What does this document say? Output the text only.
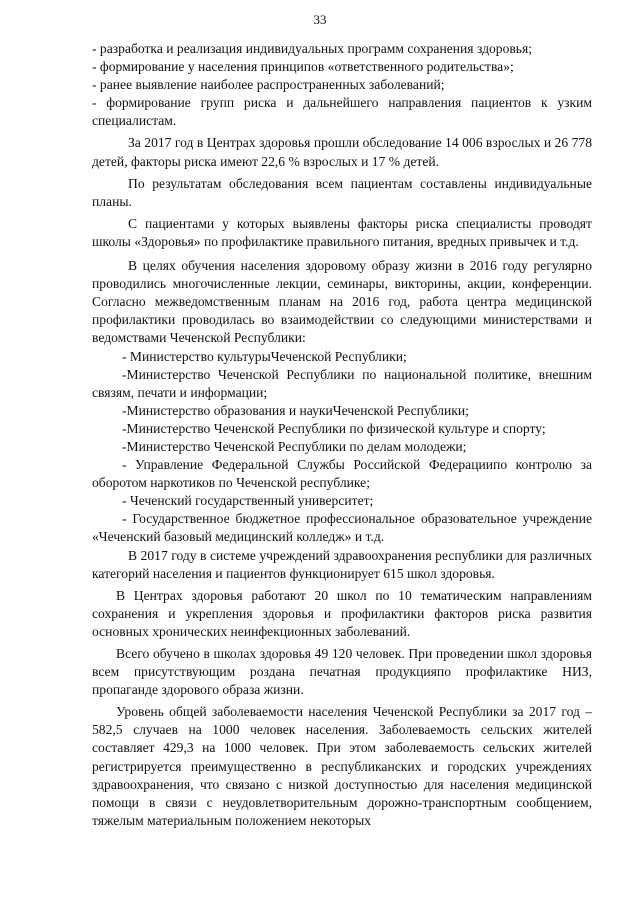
33

- разработка и реализация индивидуальных программ сохранения здоровья;

- формирование у населения принципов «ответственного родительства»;

- ранее выявление наиболее распространенных заболеваний;

- формирование групп риска и дальнейшего направления пациентов к узким специалистам.

За 2017 год в Центрах здоровья прошли обследование 14 006 взрослых и 26 778 детей, факторы риска имеют 22,6 % взрослых и 17 % детей.

По результатам обследования всем пациентам составлены индивидуальные планы.

С пациентами у которых выявлены факторы риска специалисты проводят школы «Здоровья» по профилактике правильного питания, вредных привычек и т.д.

В целях обучения населения здоровому образу жизни в 2016 году регулярно проводились многочисленные лекции, семинары, викторины, акции, конференции. Согласно межведомственным планам на 2016 год, работа центра медицинской профилактики проводилась во взаимодействии со следующими министерствами и ведомствами Чеченской Республики:

- Министерство культурыЧеченской Республики;

-Министерство Чеченской Республики по национальной политике, внешним связям, печати и информации;

-Министерство образования и наукиЧеченской Республики;

-Министерство Чеченской Республики по физической культуре и спорту;

-Министерство Чеченской Республики по делам молодежи;

- Управление Федеральной Службы Российской Федерациипо контролю за оборотом наркотиков по Чеченской республике;

- Чеченский государственный университет;

- Государственное бюджетное профессиональное образовательное учреждение «Чеченский базовый медицинский колледж» и т.д.

В 2017 году в системе учреждений здравоохранения республики для различных категорий населения и пациентов функционирует 615 школ здоровья.

В Центрах здоровья работают 20 школ по 10 тематическим направлениям сохранения и укрепления здоровья и профилактики факторов риска развития основных хронических неинфекционных заболеваний.

Всего обучено в школах здоровья 49 120 человек. При проведении школ здоровья всем присутствующим роздана печатная продукцияпо профилактике НИЗ, пропаганде здорового образа жизни.

Уровень общей заболеваемости населения Чеченской Республики за 2017 год – 582,5 случаев на 1000 человек населения. Заболеваемость сельских жителей составляет 429,3 на 1000 человек. При этом заболеваемость сельских жителей регистрируется преимущественно в республиканских и городских учреждениях здравоохранения, что связано с низкой доступностью для населения медицинской помощи в связи с неудовлетворительным дорожно-транспортным сообщением, тяжелым материальным положением некоторых
